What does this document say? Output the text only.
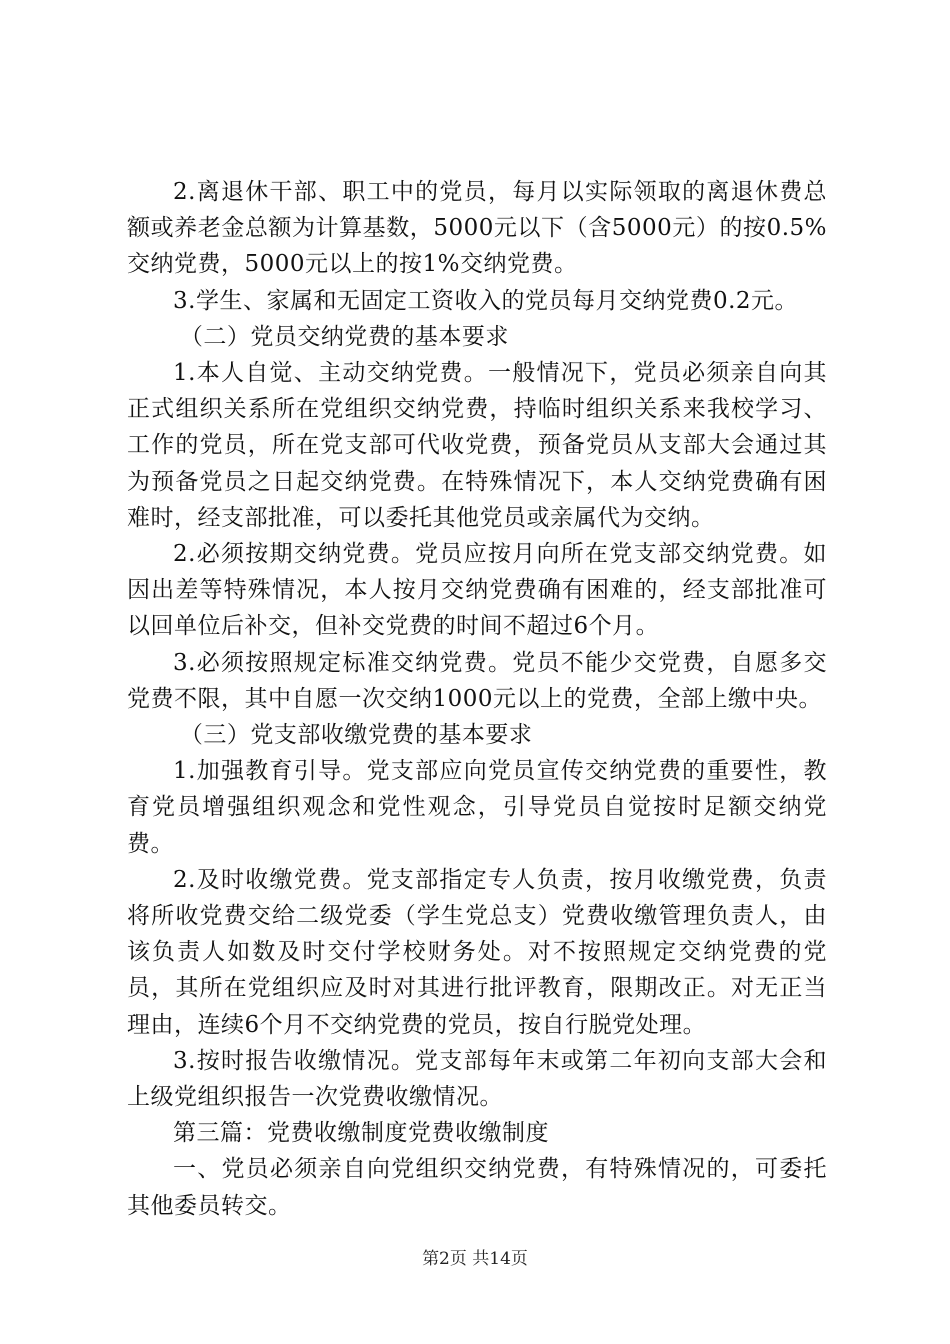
2.离退休干部、职工中的党员，每月以实际领取的离退休费总额或养老金总额为计算基数，5000元以下（含5000元）的按0.5%交纳党费，5000元以上的按1%交纳党费。

3.学生、家属和无固定工资收入的党员每月交纳党费0.2元。

（二）党员交纳党费的基本要求

1.本人自觉、主动交纳党费。一般情况下，党员必须亲自向其正式组织关系所在党组织交纳党费，持临时组织关系来我校学习、工作的党员，所在党支部可代收党费，预备党员从支部大会通过其为预备党员之日起交纳党费。在特殊情况下，本人交纳党费确有困难时，经支部批准，可以委托其他党员或亲属代为交纳。

2.必须按期交纳党费。党员应按月向所在党支部交纳党费。如因出差等特殊情况，本人按月交纳党费确有困难的，经支部批准可以回单位后补交，但补交党费的时间不超过6个月。

3.必须按照规定标准交纳党费。党员不能少交党费，自愿多交党费不限，其中自愿一次交纳1000元以上的党费，全部上缴中央。

（三）党支部收缴党费的基本要求

1.加强教育引导。党支部应向党员宣传交纳党费的重要性，教育党员增强组织观念和党性观念，引导党员自觉按时足额交纳党费。

2.及时收缴党费。党支部指定专人负责，按月收缴党费，负责将所收党费交给二级党委（学生党总支）党费收缴管理负责人，由该负责人如数及时交付学校财务处。对不按照规定交纳党费的党员，其所在党组织应及时对其进行批评教育，限期改正。对无正当理由，连续6个月不交纳党费的党员，按自行脱党处理。

3.按时报告收缴情况。党支部每年末或第二年初向支部大会和上级党组织报告一次党费收缴情况。

第三篇：党费收缴制度党费收缴制度

一、党员必须亲自向党组织交纳党费，有特殊情况的，可委托其他委员转交。

第2页 共14页
